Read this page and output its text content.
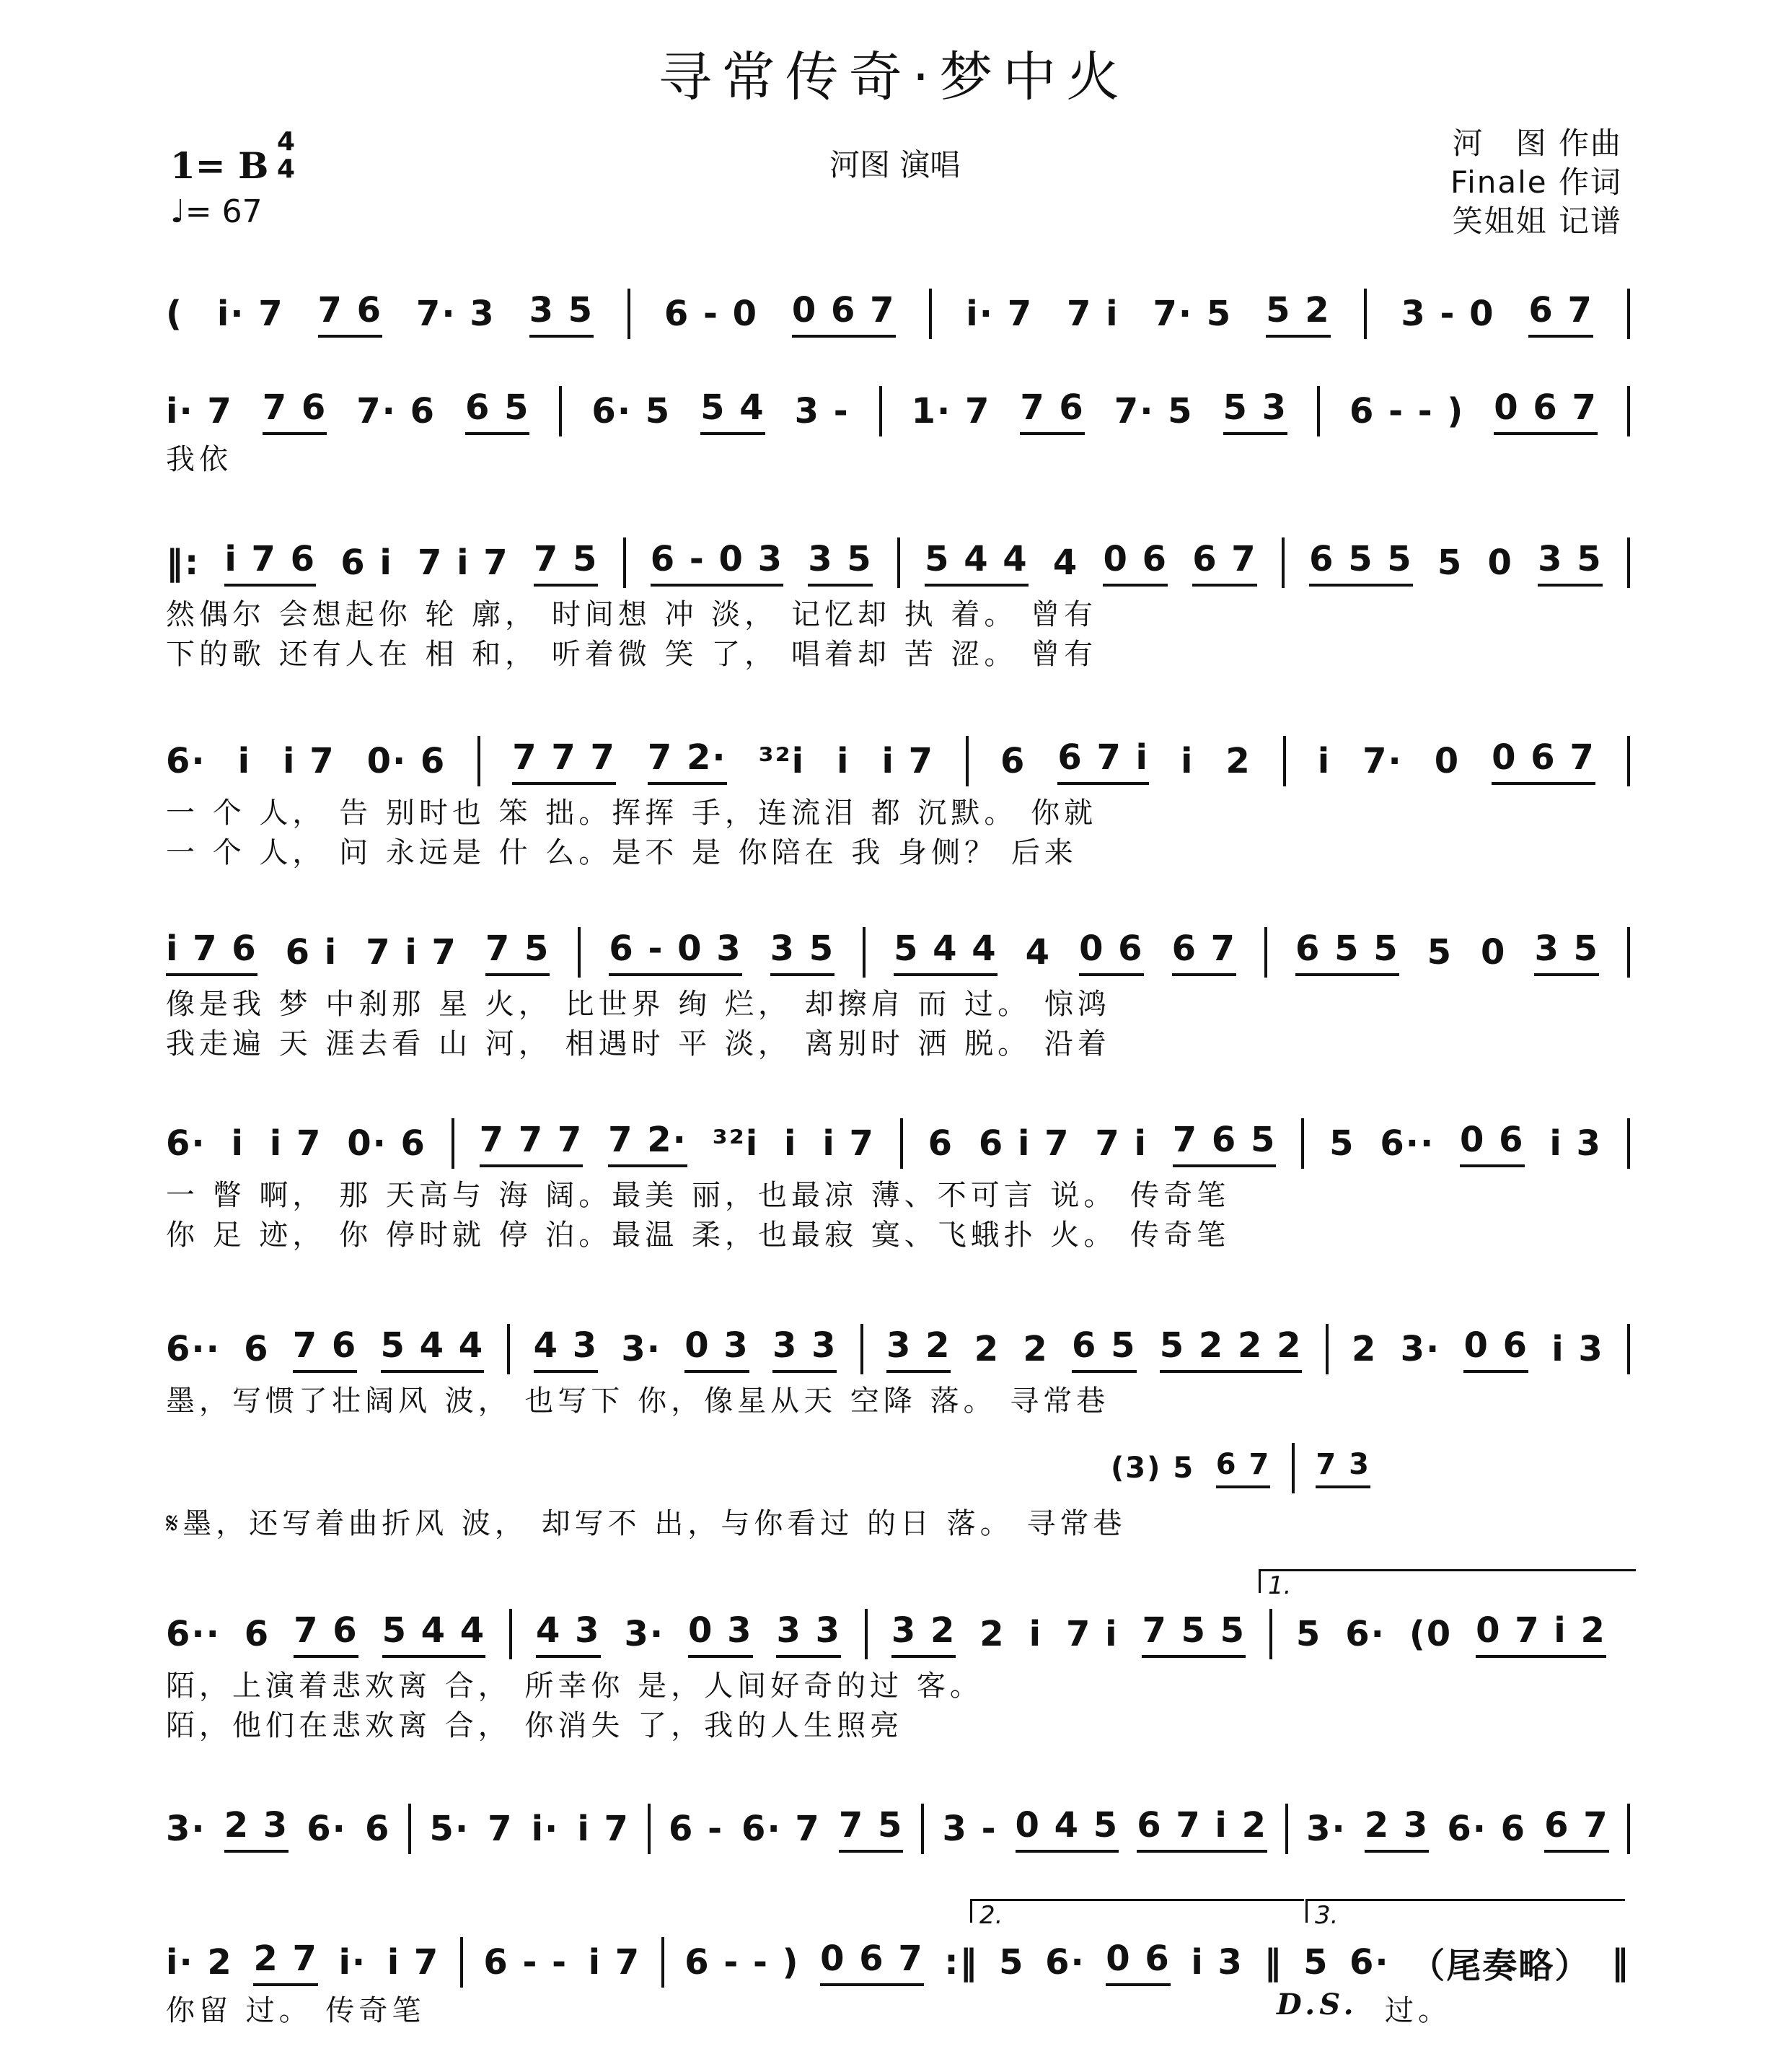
寻常传奇·梦中火
1= B
4
4
♩= 67
河图 演唱
河　图 作曲
Finale 作词
笑姐姐 记谱
( i· 7 7 6 7· 3 3 5 6 - 0 0 6 7 i· 7 7 i 7· 5 5 2 3 - 0 6 7
i· 7 7 6 7· 6 6 5 6· 5 5 4 3 - 1· 7 7 6 7· 5 5 3 6 - - ) 0 6 7
我依
‖: i 7 6 6 i 7 i 7 7 5 6 - 0 3 3 5 5 4 4 4 0 6 6 7 6 5 5 5 0 3 5
然偶尔 会想起你 轮 廓， 时间想 冲 淡， 记忆却 执 着。 曾有
下的歌 还有人在 相 和， 听着微 笑 了， 唱着却 苦 涩。 曾有
6· i i 7 0· 6 7 7 7 7 2· ³²i i i 7 6 6 7 i i 2 i 7· 0 0 6 7
一 个 人， 告 别时也 笨 拙。挥挥 手，连流泪 都 沉默。 你就
一 个 人， 问 永远是 什 么。是不 是 你陪在 我 身侧？ 后来
i 7 6 6 i 7 i 7 7 5 6 - 0 3 3 5 5 4 4 4 0 6 6 7 6 5 5 5 0 3 5
像是我 梦 中刹那 星 火， 比世界 绚 烂， 却擦肩 而 过。 惊鸿
我走遍 天 涯去看 山 河， 相遇时 平 淡， 离别时 洒 脱。 沿着
6· i i 7 0· 6 7 7 7 7 2· ³²i i i 7 6 6 i 7 7 i 7 6 5 5 6·· 0 6 i 3
一 瞥 啊， 那 天高与 海 阔。最美 丽，也最凉 薄、不可言 说。 传奇笔
你 足 迹， 你 停时就 停 泊。最温 柔，也最寂 寞、飞蛾扑 火。 传奇笔
6·· 6 7 6 5 4 4 4 3 3· 0 3 3 3 3 2 2 2 6 5 5 2 2 2 2 3· 0 6 i 3
墨，写惯了壮阔风 波， 也写下 你，像星从天 空降 落。 寻常巷
(3) 5 6 7 7 3
𝄋墨，还写着曲折风 波， 却写不 出，与你看过 的日 落。 寻常巷
6·· 6 7 6 5 4 4 4 3 3· 0 3 3 3 3 2 2 i 7 i 7 5 5 5 6· (0 0 7 i 2
陌，上演着悲欢离 合， 所幸你 是，人间好奇的过 客。
陌，他们在悲欢离 合， 你消失 了，我的人生照亮
3· 2 3 6· 6 5· 7 i· i 7 6 - 6· 7 7 5 3 - 0 4 5 6 7 i 2 3· 2 3 6· 6 6 7
i· 2 2 7 i· i 7 6 - - i 7 6 - - ) 0 6 7 :‖ 5 6· 0 6 i 3 ‖ 5 6· （尾奏略） ‖
你留 过。 传奇笔	D.S. 过。
1.
2.	3.
